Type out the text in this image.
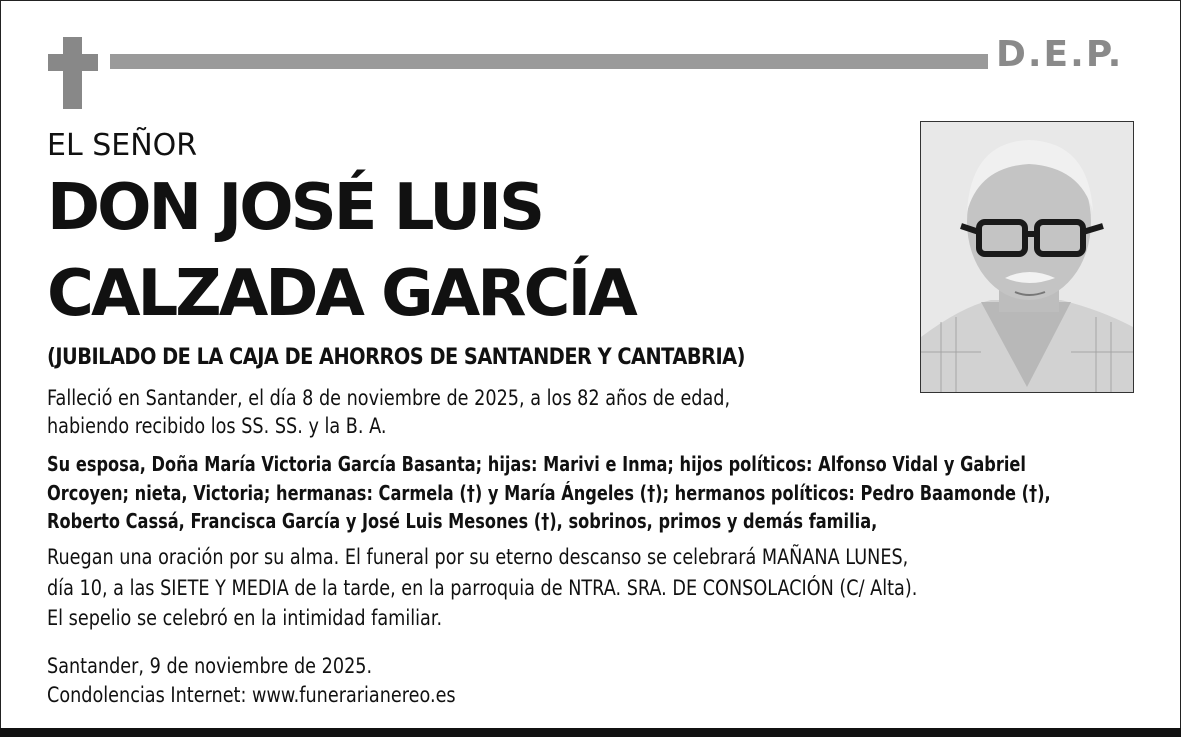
D.E.P.
EL SEÑOR
DON JOSÉ LUIS
CALZADA GARCÍA
(JUBILADO DE LA CAJA DE AHORROS DE SANTANDER Y CANTABRIA)
Falleció en Santander, el día 8 de noviembre de 2025, a los 82 años de edad,
habiendo recibido los SS. SS. y la B. A.
Su esposa, Doña María Victoria García Basanta; hijas: Marivi e Inma; hijos políticos: Alfonso Vidal y Gabriel
Orcoyen; nieta, Victoria; hermanas: Carmela (†) y María Ángeles (†); hermanos políticos: Pedro Baamonde (†),
Roberto Cassá, Francisca García y José Luis Mesones (†), sobrinos, primos y demás familia,
Ruegan una oración por su alma. El funeral por su eterno descanso se celebrará MAÑANA LUNES,
día 10, a las SIETE Y MEDIA de la tarde, en la parroquia de NTRA. SRA. DE CONSOLACIÓN (C/ Alta).
El sepelio se celebró en la intimidad familiar.
Santander, 9 de noviembre de 2025.
Condolencias Internet: www.funerarianereo.es
